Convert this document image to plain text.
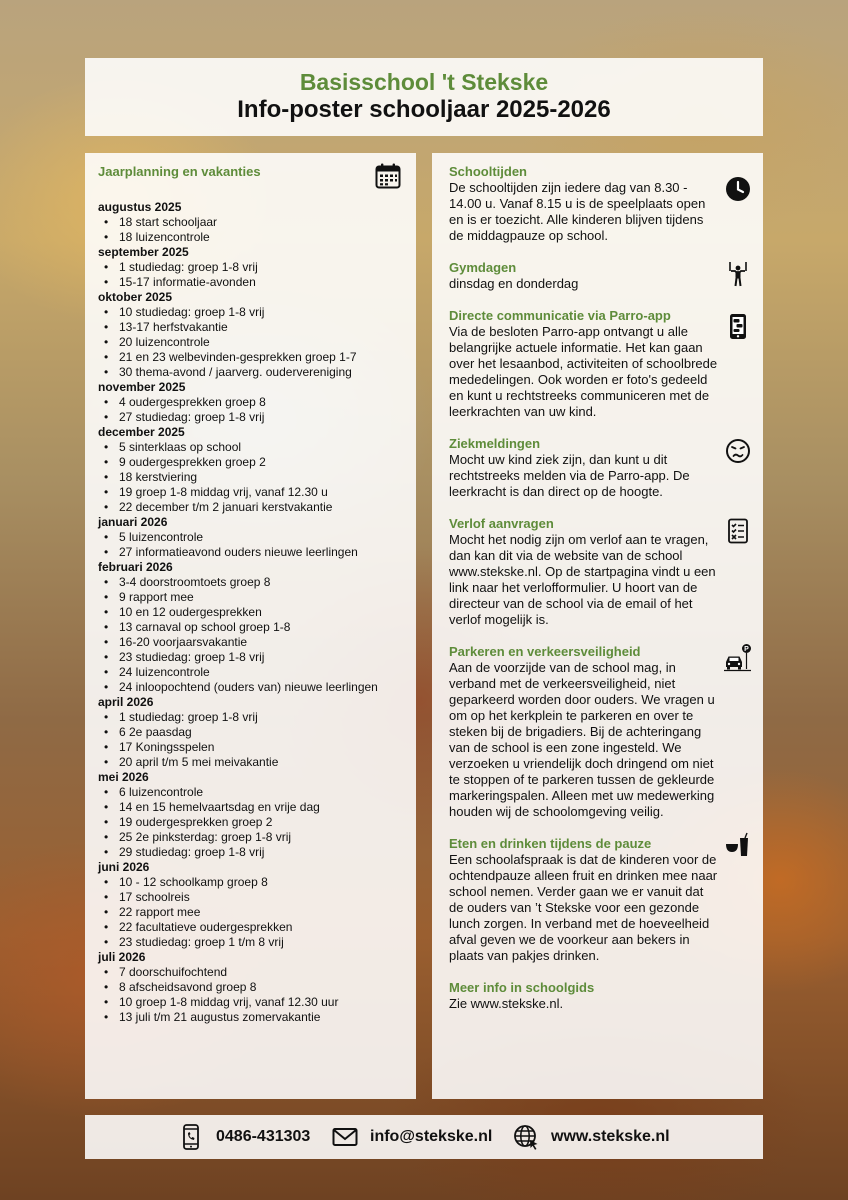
Basisschool 't Stekske
Info-poster schooljaar 2025-2026
Jaarplanning en vakanties
augustus 2025
• 18 start schooljaar
• 18 luizencontrole
september 2025
• 1 studiedag: groep 1-8 vrij
• 15-17 informatie-avonden
oktober 2025
• 10 studiedag: groep 1-8 vrij
• 13-17 herfstvakantie
• 20 luizencontrole
• 21 en 23 welbevinden-gesprekken groep 1-7
• 30 thema-avond / jaarverg. oudervereniging
november 2025
• 4 oudergesprekken groep 8
• 27 studiedag: groep 1-8 vrij
december 2025
• 5 sinterklaas op school
• 9 oudergesprekken groep 2
• 18 kerstviering
• 19 groep 1-8 middag vrij, vanaf 12.30 u
• 22 december t/m 2 januari kerstvakantie
januari 2026
• 5 luizencontrole
• 27 informatieavond ouders nieuwe leerlingen
februari 2026
• 3-4 doorstroomtoets groep 8
• 9 rapport mee
• 10 en 12 oudergesprekken
• 13 carnaval op school groep 1-8
• 16-20 voorjaarsvakantie
• 23 studiedag: groep 1-8 vrij
• 24 luizencontrole
• 24 inloopochtend (ouders van) nieuwe leerlingen
april 2026
• 1 studiedag: groep 1-8 vrij
• 6 2e paasdag
• 17 Koningsspelen
• 20 april t/m 5 mei meivakantie
mei 2026
• 6 luizencontrole
• 14 en 15 hemelvaartsdag en vrije dag
• 19 oudergesprekken groep 2
• 25 2e pinksterdag: groep 1-8 vrij
• 29 studiedag: groep 1-8 vrij
juni 2026
• 10 - 12 schoolkamp groep 8
• 17 schoolreis
• 22 rapport mee
• 22 facultatieve oudergesprekken
• 23 studiedag: groep 1 t/m 8 vrij
juli 2026
• 7 doorschuifochtend
• 8 afscheidsavond groep 8
• 10 groep 1-8 middag vrij, vanaf 12.30 uur
• 13 juli t/m 21 augustus zomervakantie
Schooltijden

De schooltijden zijn iedere dag van 8.30 - 14.00 u. Vanaf 8.15 u is de speelplaats open en is er toezicht. Alle kinderen blijven tijdens de middagpauze op school.

Gymdagen

dinsdag en donderdag

Directe communicatie via Parro-app

Via de besloten Parro-app ontvangt u alle belangrijke actuele informatie. Het kan gaan over het lesaanbod, activiteiten of schoolbrede mededelingen. Ook worden er foto's gedeeld en kunt u rechtstreeks communiceren met de leerkrachten van uw kind.

Ziekmeldingen

Mocht uw kind ziek zijn, dan kunt u dit rechtstreeks melden via de Parro-app. De leerkracht is dan direct op de hoogte.

Verlof aanvragen

Mocht het nodig zijn om verlof aan te vragen, dan kan dit via de website van de school www.stekske.nl. Op de startpagina vindt u een link naar het verlofformulier. U hoort van de directeur van de school via de email of het verlof mogelijk is.

Parkeren en verkeersveiligheid

Aan de voorzijde van de school mag, in verband met de verkeersveiligheid, niet geparkeerd worden door ouders. We vragen u om op het kerkplein te parkeren en over te steken bij de brigadiers. Bij de achteringang van de school is een zone ingesteld. We verzoeken u vriendelijk doch dringend om niet te stoppen of te parkeren tussen de gekleurde markeringspalen. Alleen met uw medewerking houden wij de schoolomgeving veilig.

P
Eten en drinken tijdens de pauze

Een schoolafspraak is dat de kinderen voor de ochtendpauze alleen fruit en drinken mee naar school nemen. Verder gaan we er vanuit dat de ouders van ’t Stekske voor een gezonde lunch zorgen. In verband met de hoeveelheid afval geven we de voorkeur aan bekers in plaats van pakjes drinken.

Meer info in schoolgids

Zie www.stekske.nl.

0486-431303	info@stekske.nl	www.stekske.nl
